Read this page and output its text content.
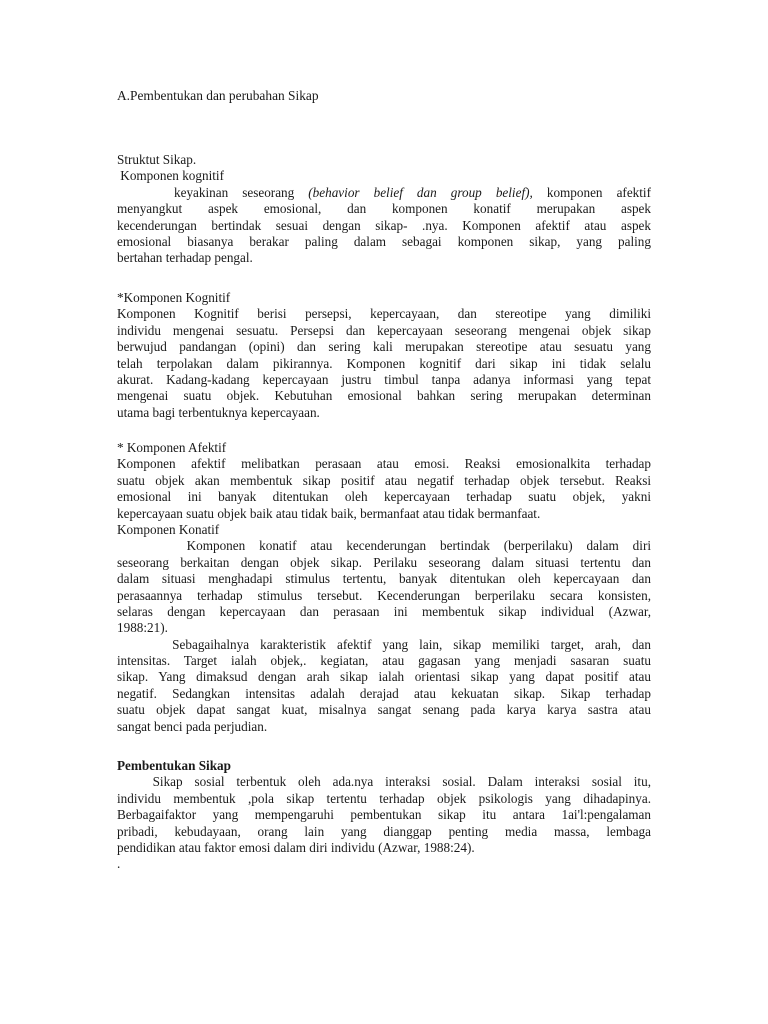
A.Pembentukan dan perubahan Sikap
Struktut Sikap.
Komponen kognitif
keyakinan seseorang (behavior belief dan group belief), komponen afektif
menyangkut aspek emosional, dan komponen konatif merupakan aspek
kecenderungan bertindak sesuai dengan sikap- .nya. Komponen afektif atau aspek
emosional biasanya berakar paling dalam sebagai komponen sikap, yang paling
bertahan terhadap pengal.
*Komponen Kognitif
Komponen Kognitif berisi persepsi, kepercayaan, dan stereotipe yang dimiliki
individu mengenai sesuatu. Persepsi dan kepercayaan seseorang mengenai objek sikap
berwujud pandangan (opini) dan sering kali merupakan stereotipe atau sesuatu yang
telah terpolakan dalam pikirannya. Komponen kognitif dari sikap ini tidak selalu
akurat. Kadang-kadang kepercayaan justru timbul tanpa adanya informasi yang tepat
mengenai suatu objek. Kebutuhan emosional bahkan sering merupakan determinan
utama bagi terbentuknya kepercayaan.
* Komponen Afektif
Komponen afektif melibatkan perasaan atau emosi. Reaksi emosionalkita terhadap
suatu objek akan membentuk sikap positif atau negatif terhadap objek tersebut. Reaksi
emosional ini banyak ditentukan oleh kepercayaan terhadap suatu objek, yakni
kepercayaan suatu objek baik atau tidak baik, bermanfaat atau tidak bermanfaat.
Komponen Konatif
Komponen konatif atau kecenderungan bertindak (berperilaku) dalam diri
seseorang berkaitan dengan objek sikap. Perilaku seseorang dalam situasi tertentu dan
dalam situasi menghadapi stimulus tertentu, banyak ditentukan oleh kepercayaan dan
perasaannya terhadap stimulus tersebut. Kecenderungan berperilaku secara konsisten,
selaras dengan kepercayaan dan perasaan ini membentuk sikap individual (Azwar,
1988:21).
Sebagaihalnya karakteristik afektif yang lain, sikap memiliki target, arah, dan
intensitas. Target ialah objek,. kegiatan, atau gagasan yang menjadi sasaran suatu
sikap. Yang dimaksud dengan arah sikap ialah orientasi sikap yang dapat positif atau
negatif. Sedangkan intensitas adalah derajad atau kekuatan sikap. Sikap terhadap
suatu objek dapat sangat kuat, misalnya sangat senang pada karya karya sastra atau
sangat benci pada perjudian.
Pembentukan Sikap
Sikap sosial terbentuk oleh ada.nya interaksi sosial. Dalam interaksi sosial itu,
individu membentuk ,pola sikap tertentu terhadap objek psikologis yang dihadapinya.
Berbagaifaktor yang mempengaruhi pembentukan sikap itu antara 1ai'l:pengalaman
pribadi, kebudayaan, orang lain yang dianggap penting media massa, lembaga
pendidikan atau faktor emosi dalam diri individu (Azwar, 1988:24).
.
